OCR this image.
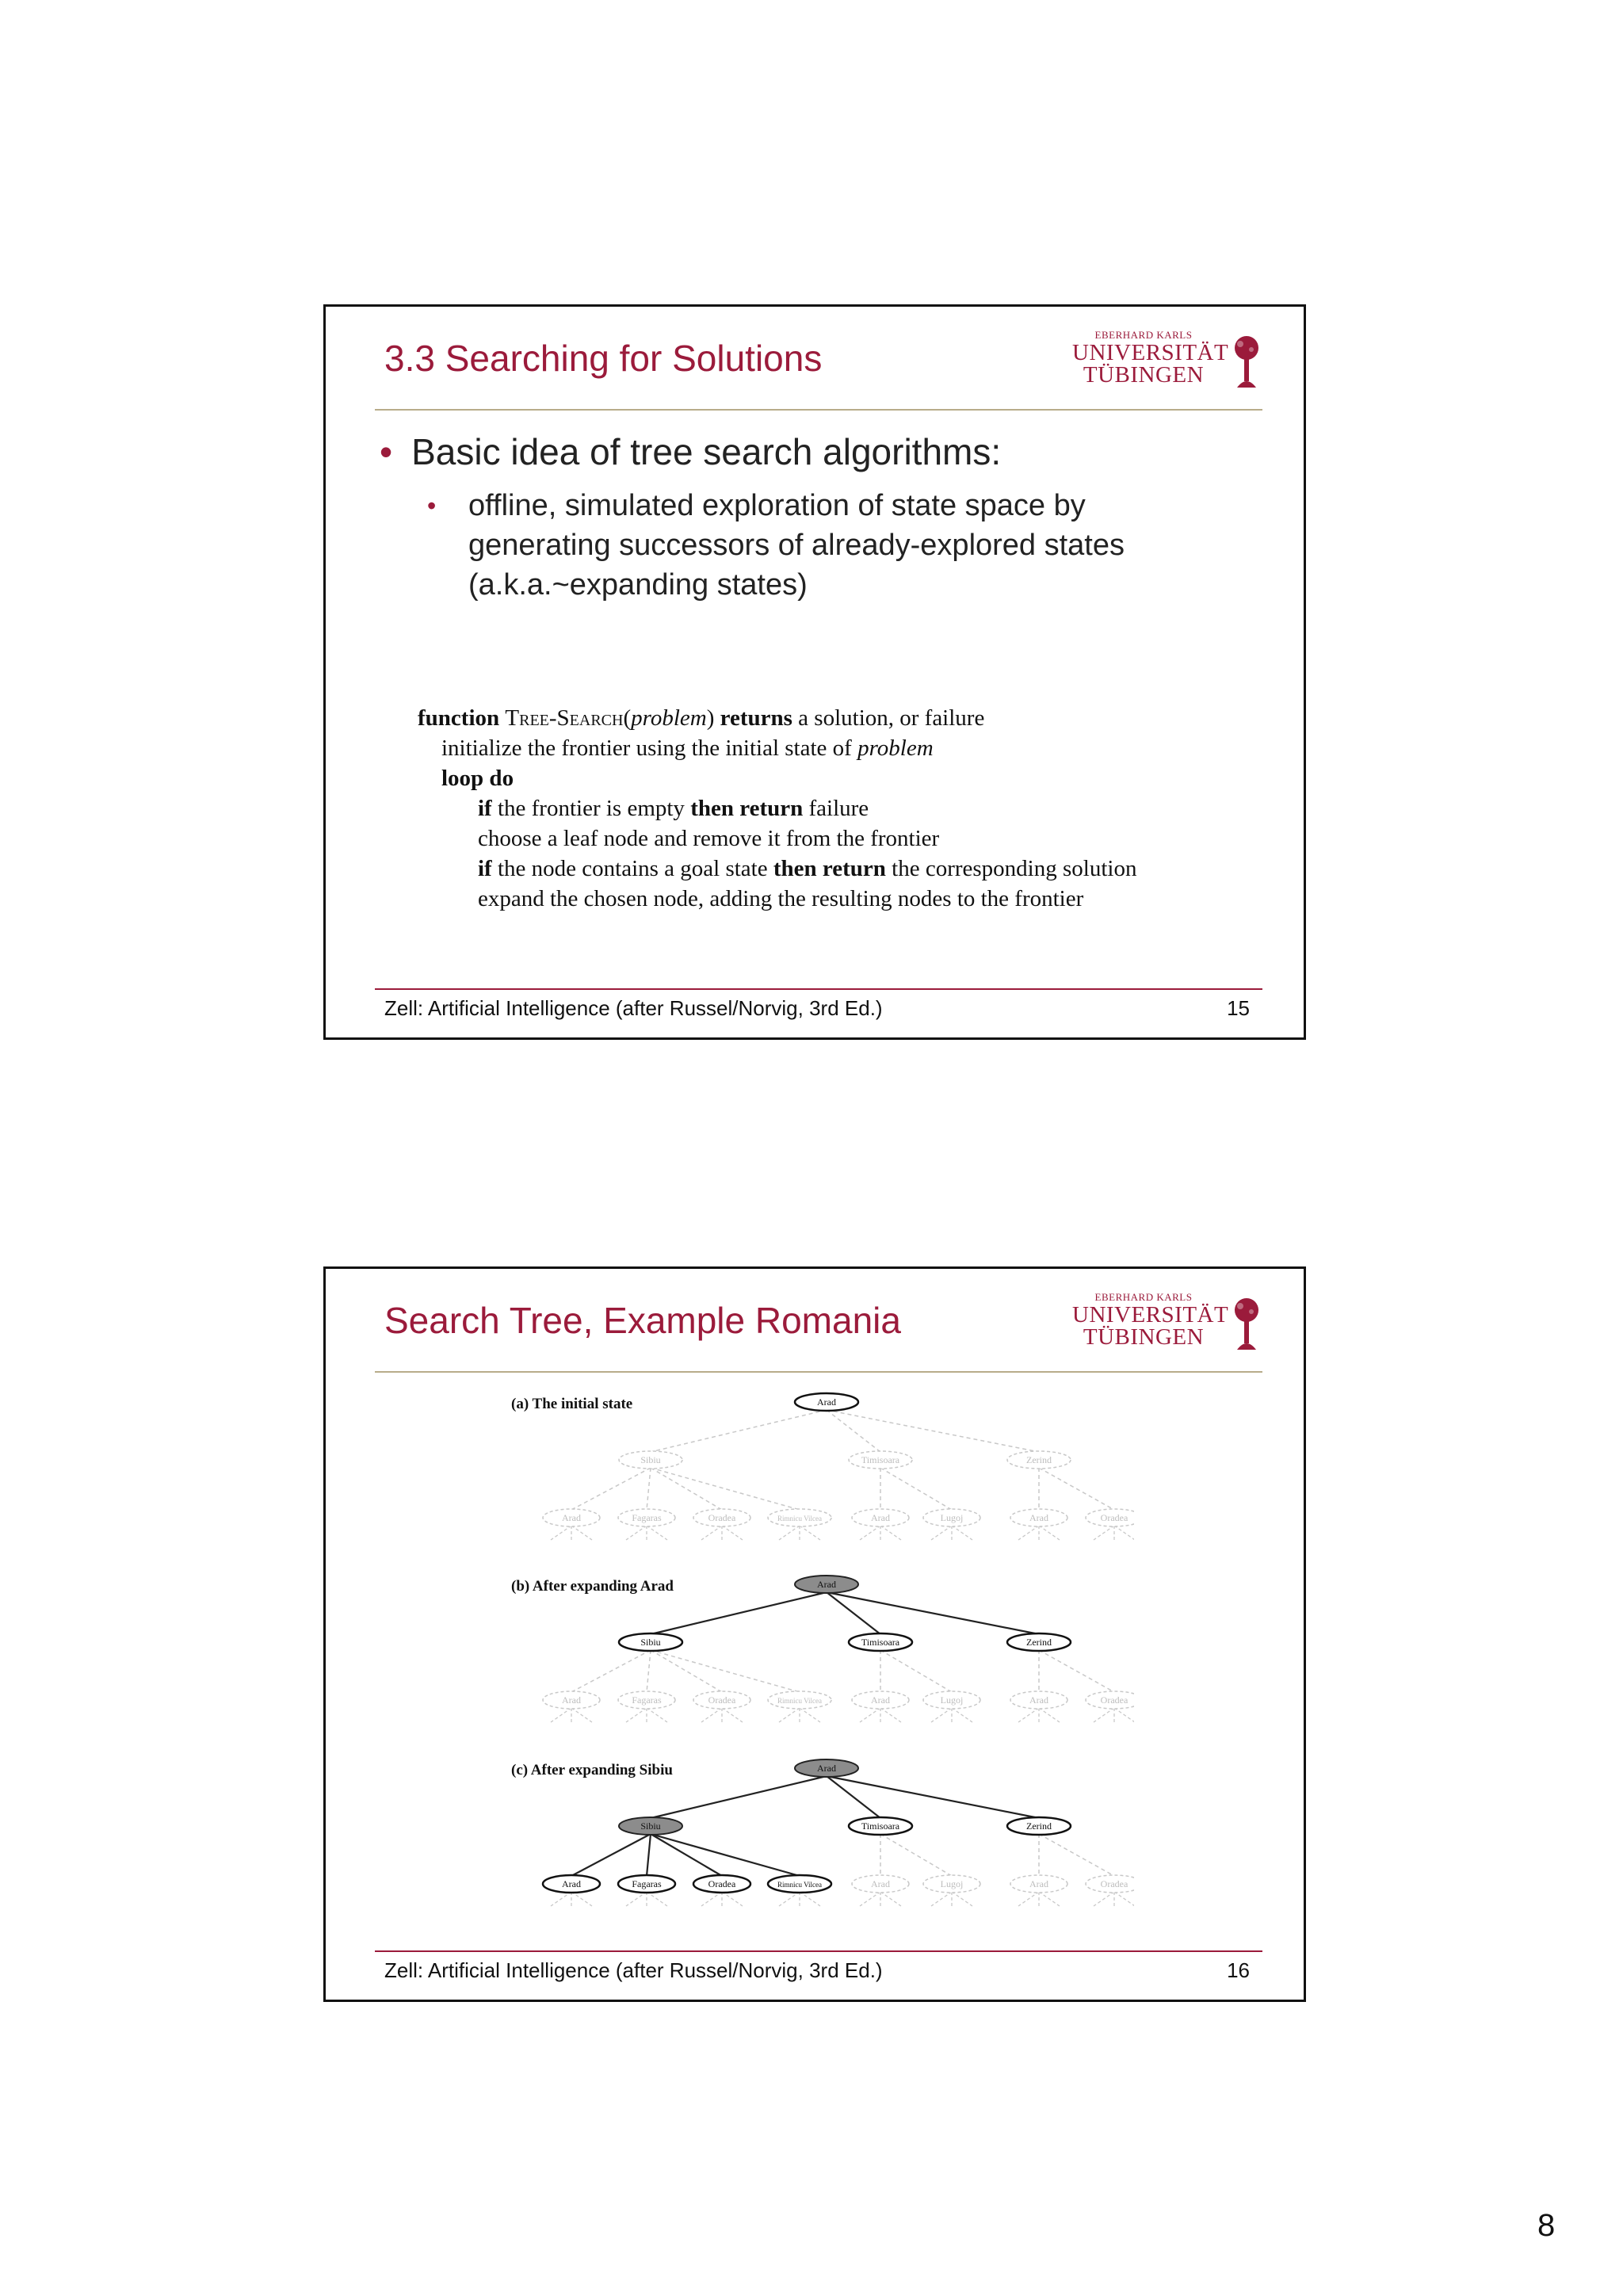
3.3 Searching for Solutions
EBERHARD KARLS
UNIVERSITÄT
TÜBINGEN
• Basic idea of tree search algorithms:
• offline, simulated exploration of state space by
generating successors of already-explored states
(a.k.a.~expanding states)
function Tree-Search(problem) returns a solution, or failure
initialize the frontier using the initial state of problem
loop do
if the frontier is empty then return failure
choose a leaf node and remove it from the frontier
if the node contains a goal state then return the corresponding solution
expand the chosen node, adding the resulting nodes to the frontier
Zell: Artificial Intelligence (after Russel/Norvig, 3rd Ed.)	15
Search Tree, Example Romania
EBERHARD KARLS
UNIVERSITÄT
TÜBINGEN
(a) The initial state	Arad
Sibiu	Timisoara	Zerind
Arad	Fagaras	Oradea	Rimnicu Vilcea	Arad	Lugoj	Arad	Oradea
(b) After expanding Arad	Arad
Sibiu	Timisoara	Zerind
Arad	Fagaras	Oradea	Rimnicu Vilcea	Arad	Lugoj	Arad	Oradea
(c) After expanding Sibiu	Arad
Sibiu	Timisoara	Zerind
Arad	Fagaras	Oradea	Rimnicu Vilcea	Arad	Lugoj	Arad	Oradea
Zell: Artificial Intelligence (after Russel/Norvig, 3rd Ed.)	16
8
